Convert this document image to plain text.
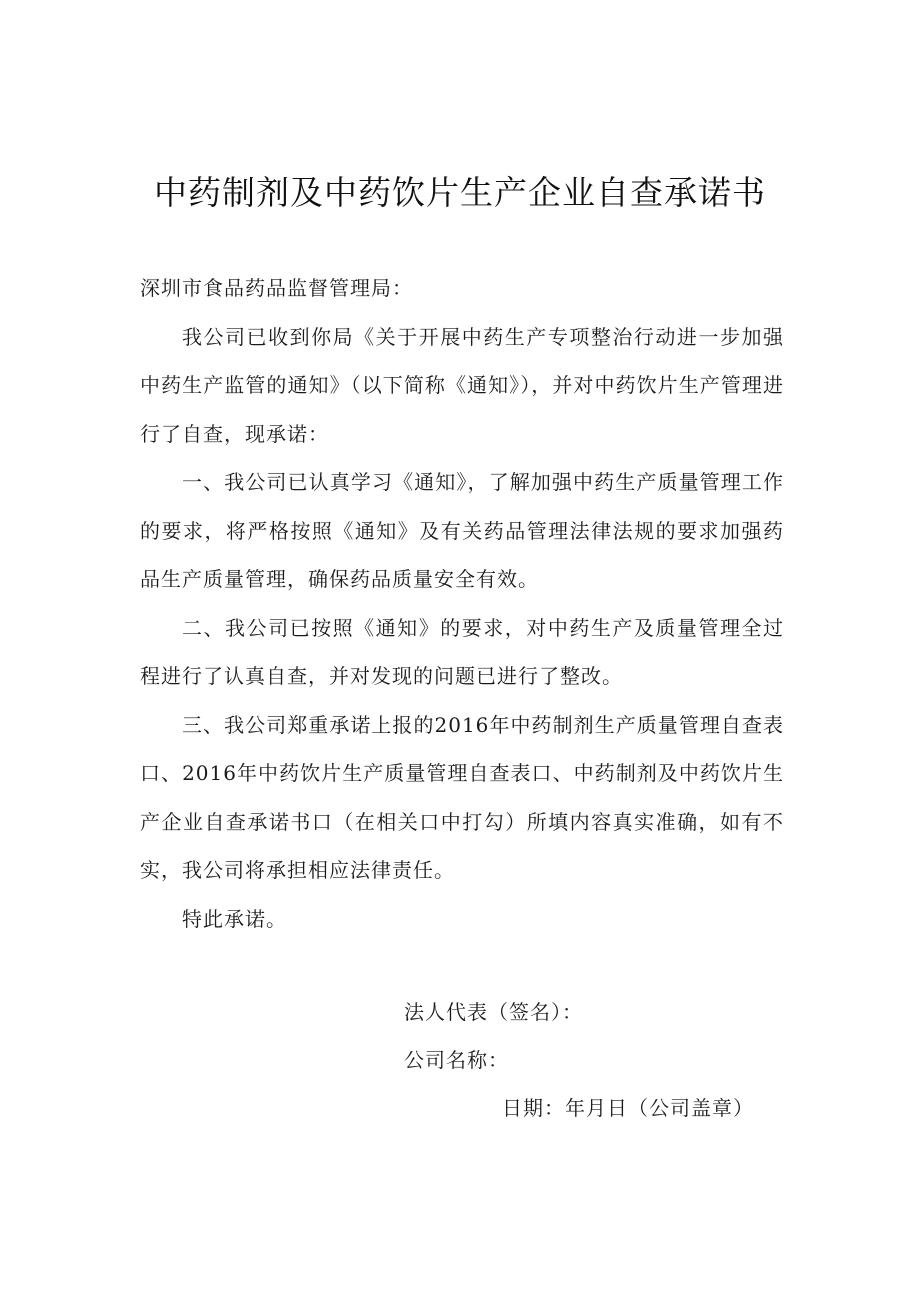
中药制剂及中药饮片生产企业自查承诺书

深圳市食品药品监督管理局：

我公司已收到你局《关于开展中药生产专项整治行动进一步加强中药生产监管的通知》（以下简称《通知》），并对中药饮片生产管理进行了自查，现承诺：

一、我公司已认真学习《通知》，了解加强中药生产质量管理工作的要求，将严格按照《通知》及有关药品管理法律法规的要求加强药品生产质量管理，确保药品质量安全有效。

二、我公司已按照《通知》的要求，对中药生产及质量管理全过程进行了认真自查，并对发现的问题已进行了整改。

三、我公司郑重承诺上报的2016年中药制剂生产质量管理自查表口、2016年中药饮片生产质量管理自查表口、中药制剂及中药饮片生产企业自查承诺书口（在相关口中打勾）所填内容真实准确，如有不实，我公司将承担相应法律责任。

特此承诺。

法人代表（签名）：
公司名称：
日期：年月日（公司盖章）
